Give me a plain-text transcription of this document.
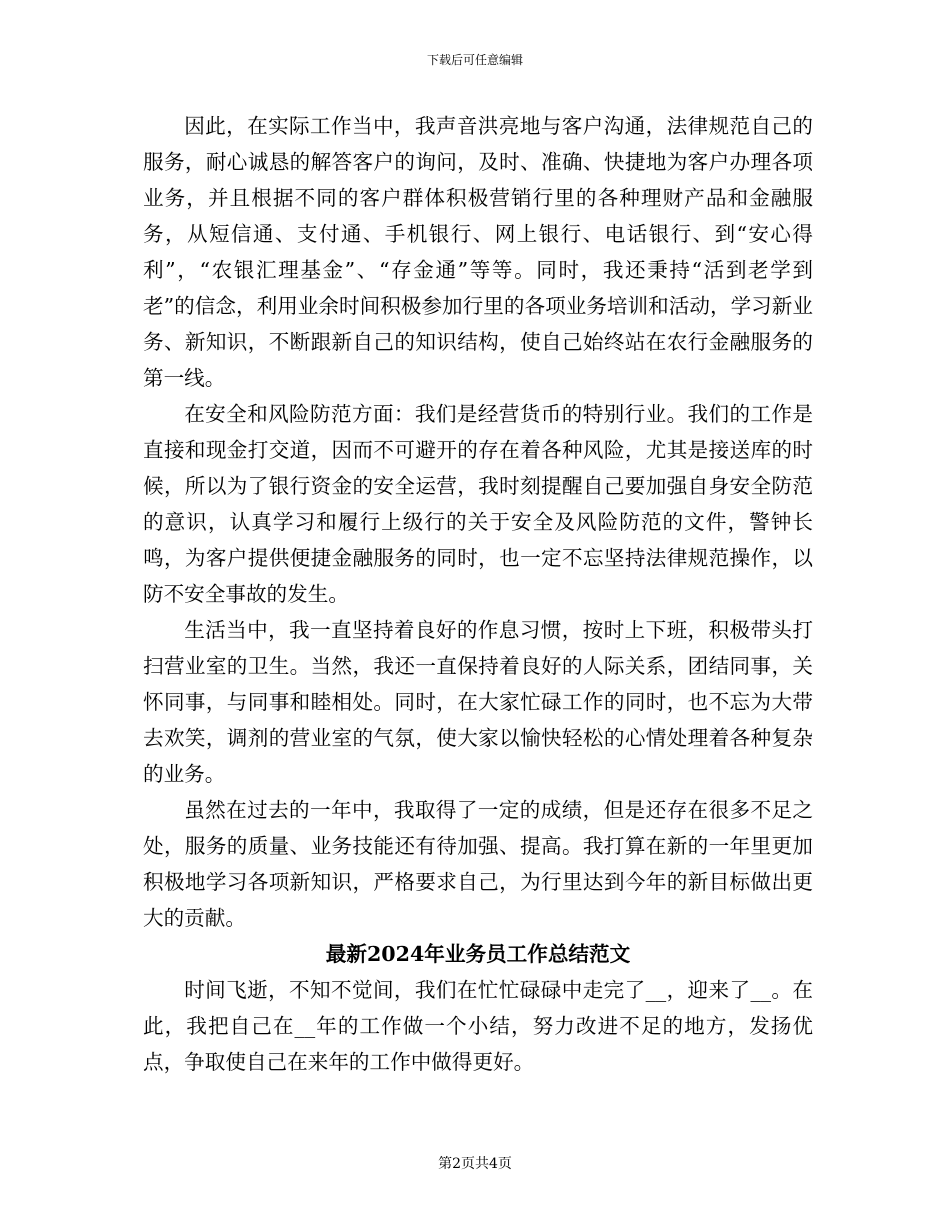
下载后可任意编辑

因此，在实际工作当中，我声音洪亮地与客户沟通，法律规范自己的服务，耐心诚恳的解答客户的询问，及时、准确、快捷地为客户办理各项业务，并且根据不同的客户群体积极营销行里的各种理财产品和金融服务，从短信通、支付通、手机银行、网上银行、电话银行、到“安心得利”，“农银汇理基金”、“存金通”等等。同时，我还秉持“活到老学到老”的信念，利用业余时间积极参加行里的各项业务培训和活动，学习新业务、新知识，不断跟新自己的知识结构，使自己始终站在农行金融服务的第一线。

在安全和风险防范方面：我们是经营货币的特别行业。我们的工作是直接和现金打交道，因而不可避开的存在着各种风险，尤其是接送库的时候，所以为了银行资金的安全运营，我时刻提醒自己要加强自身安全防范的意识，认真学习和履行上级行的关于安全及风险防范的文件，警钟长鸣，为客户提供便捷金融服务的同时，也一定不忘坚持法律规范操作，以防不安全事故的发生。

生活当中，我一直坚持着良好的作息习惯，按时上下班，积极带头打扫营业室的卫生。当然，我还一直保持着良好的人际关系，团结同事，关怀同事，与同事和睦相处。同时，在大家忙碌工作的同时，也不忘为大带去欢笑，调剂的营业室的气氛，使大家以愉快轻松的心情处理着各种复杂的业务。

虽然在过去的一年中，我取得了一定的成绩，但是还存在很多不足之处，服务的质量、业务技能还有待加强、提高。我打算在新的一年里更加积极地学习各项新知识，严格要求自己，为行里达到今年的新目标做出更大的贡献。

最新2024年业务员工作总结范文

时间飞逝，不知不觉间，我们在忙忙碌碌中走完了__，迎来了__。在此，我把自己在__年的工作做一个小结，努力改进不足的地方，发扬优点，争取使自己在来年的工作中做得更好。

第2页共4页
